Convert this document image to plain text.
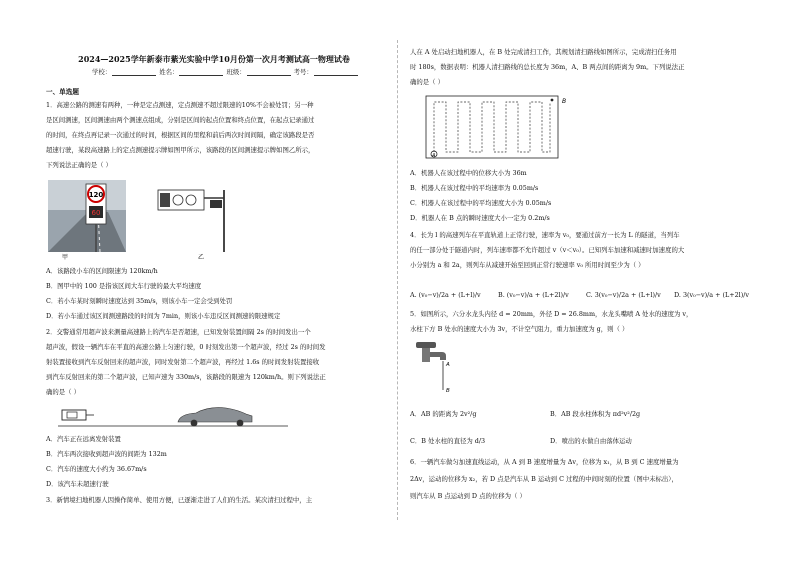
2024—2025学年新泰市紫光实验中学10月份第一次月考测试高一物理试卷
学校：	姓名：	班级：	考号：
一、单选题
1．高速公路的测速有两种，一种是定点测速，定点测速不超过限速的10%不会被处罚；另一种
是区间测速，区间测速由两个测速点组成，分别是区间的起点位置和终点位置，在起点记录通过
的时间，在终点再记录一次通过的时间，根据区间的里程和前后两次时间间隔，确定该路段是否
超速行驶，某段高速路上的定点测速提示牌如图甲所示，该路段的区间测速提示牌如图乙所示，
下列说法正确的是（ ）
120
60
甲	乙
A．该路段小车的区间限速为 120km/h
B．图甲中的 100 是指该区间大车行驶的最大平均速度
C．若小车某时刻瞬时速度达到 35m/s，则该小车一定会受到处罚
D．若小车通过该区间测速路段的时间为 7min，则该小车违反区间测速的限速规定
2．交警通常用超声波来测量高速路上的汽车是否超速，已知发射装置间隔 2s 的时间发出一个
超声波，假设一辆汽车在平直的高速公路上匀速行驶，0 时刻发出第一个超声波，经过 2s 的时间发
射装置接收到汽车反射回来的超声波，同时发射第二个超声波，再经过 1.6s 的时间发射装置接收
到汽车反射回来的第二个超声波，已知声速为 330m/s，该路段的限速为 120km/h。则下列说法正
确的是（ ）
A．汽车正在远离发射装置
B．汽车两次接收到超声波的间距为 132m
C．汽车的速度大小约为 36.67m/s
D．该汽车未超速行驶
3．新情境扫地机器人因操作简单、使用方便，已逐渐走进了人们的生活。某次清扫过程中，主
人在 A 处启动扫地机器人，在 B 处完成清扫工作，其规划清扫路线如图所示，完成清扫任务用
时 180s，数据表明：机器人清扫路线的总长度为 36m，A、B 两点间的距离为 9m。下列说法正
确的是（ ）
A
B
A．机器人在该过程中的位移大小为 36m
B．机器人在该过程中的平均速率为 0.05m/s
C．机器人在该过程中的平均速度大小为 0.05m/s
D．机器人在 B 点的瞬时速度大小一定为 0.2m/s
4．长为 l 的高速列车在平直轨道上正常行驶，速率为 v₀，要通过前方一长为 L 的隧道，当列车
的任一部分处于隧道内时，列车速率都不允许超过 v（v＜v₀）。已知列车加速和减速时加速度的大
小分别为 a 和 2a，则列车从减速开始至回到正常行驶速率 v₀ 所用时间至少为（ ）
A. (v₀−v)/2a + (L+l)/v	B. (v₀−v)/a + (L+2l)/v	C. 3(v₀−v)/2a + (L+l)/v D. 3(v₀−v)/a + (L+2l)/v
5．如图所示，六分水龙头内径 d = 20mm，外径 D = 26.8mm，水龙头嘴喷 A 处水的速度为 v，
水柱下方 B 处水的速度大小为 3v，不计空气阻力，重力加速度为 g，则（ ）
A
B
A．AB 的距离为 2v²/g	B．AB 段水柱体积为 πd²v²/2g
C．B 处水柱的直径为 d/3	D．喷出的水做自由落体运动
6．一辆汽车做匀加速直线运动，从 A 到 B 速度增量为 Δv，位移为 x₁，从 B 到 C 速度增量为
2Δv，运动的位移为 x₂，若 D 点是汽车从 B 运动到 C 过程的中间时刻的位置（图中未标出），
则汽车从 B 点运动到 D 点的位移为（ ）
